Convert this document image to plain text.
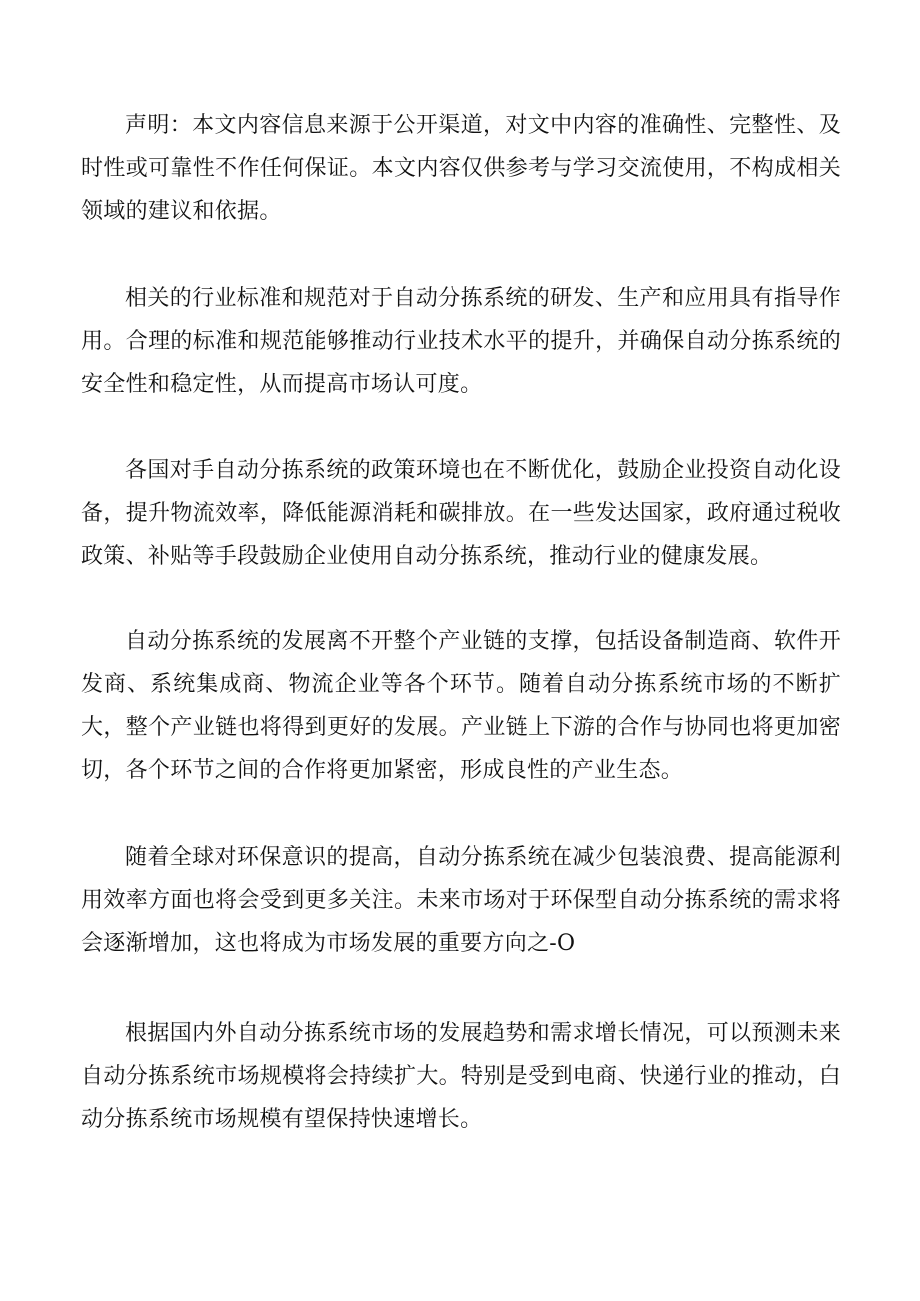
声明：本文内容信息来源于公开渠道，对文中内容的准确性、完整性、及时性或可靠性不作任何保证。本文内容仅供参考与学习交流使用，不构成相关领域的建议和依据。

相关的行业标准和规范对于自动分拣系统的研发、生产和应用具有指导作用。合理的标准和规范能够推动行业技术水平的提升，并确保自动分拣系统的安全性和稳定性，从而提高市场认可度。

各国对手自动分拣系统的政策环境也在不断优化，鼓励企业投资自动化设备，提升物流效率，降低能源消耗和碳排放。在一些发达国家，政府通过税收政策、补贴等手段鼓励企业使用自动分拣系统，推动行业的健康发展。

自动分拣系统的发展离不开整个产业链的支撑，包括设备制造商、软件开发商、系统集成商、物流企业等各个环节。随着自动分拣系统市场的不断扩大，整个产业链也将得到更好的发展。产业链上下游的合作与协同也将更加密切，各个环节之间的合作将更加紧密，形成良性的产业生态。

随着全球对环保意识的提高，自动分拣系统在减少包装浪费、提高能源利用效率方面也将会受到更多关注。未来市场对于环保型自动分拣系统的需求将会逐渐增加，这也将成为市场发展的重要方向之-O

根据国内外自动分拣系统市场的发展趋势和需求增长情况，可以预测未来自动分拣系统市场规模将会持续扩大。特别是受到电商、快递行业的推动，白动分拣系统市场规模有望保持快速增长。
